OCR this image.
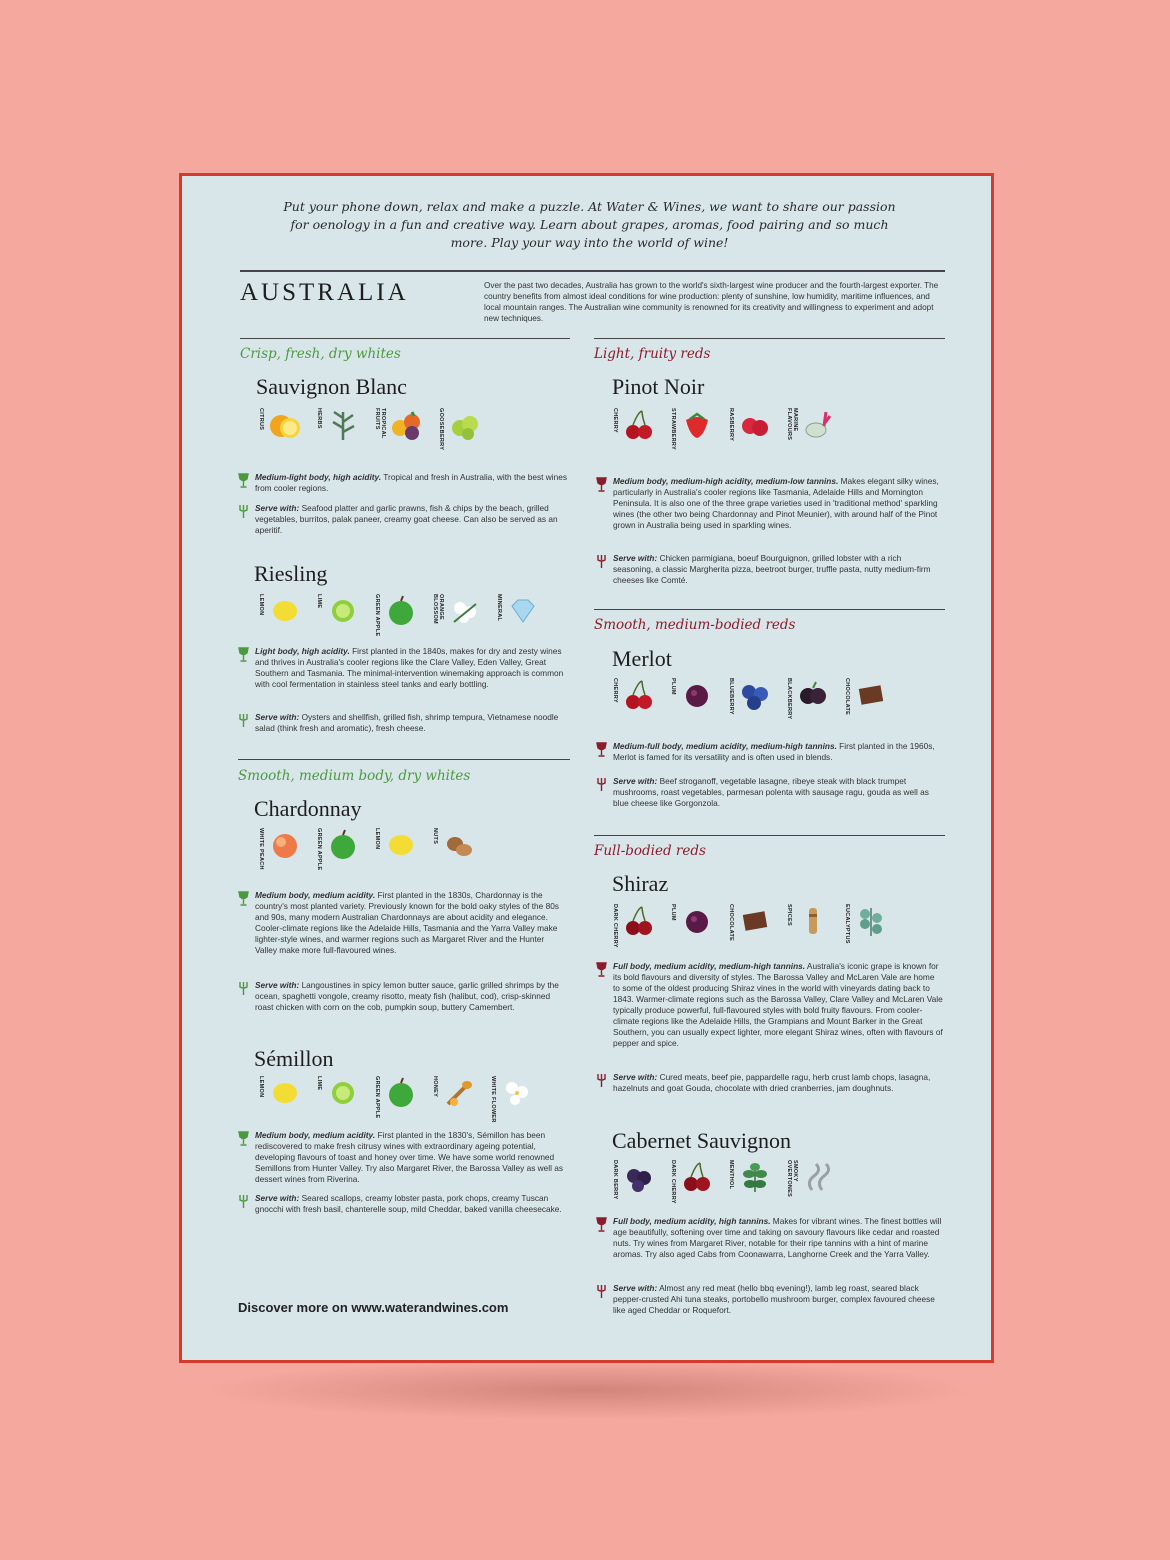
Put your phone down, relax and make a puzzle. At Water & Wines, we want to share our passion for oenology in a fun and creative way. Learn about grapes, aromas, food pairing and so much more. Play your way into the world of wine!
AUSTRALIA	Over the past two decades, Australia has grown to the world's sixth-largest wine producer and the fourth-largest exporter. The country benefits from almost ideal conditions for wine production: plenty of sunshine, low humidity, maritime influences, and local mountain ranges. The Australian wine community is renowned for its creativity and willingness to experiment and adopt new techniques.
Crisp, fresh, dry whites
Sauvignon Blanc
CITRUS	HERBS	TROPICAL FRUITS	GOOSEBERRY
Medium-light body, high acidity. Tropical and fresh in Australia, with the best wines from cooler regions.
Serve with: Seafood platter and garlic prawns, fish & chips by the beach, grilled vegetables, burritos, palak paneer, creamy goat cheese. Can also be served as an aperitif.
Riesling
LEMON	LIME	GREEN APPLE	ORANGE BLOSSOM	MINERAL
Light body, high acidity. First planted in the 1840s, makes for dry and zesty wines and thrives in Australia's cooler regions like the Clare Valley, Eden Valley, Great Southern and Tasmania. The minimal-intervention winemaking approach is common with cool fermentation in stainless steel tanks and early bottling.
Serve with: Oysters and shellfish, grilled fish, shrimp tempura, Vietnamese noodle salad (think fresh and aromatic), fresh cheese.
Smooth, medium body, dry whites
Chardonnay
WHITE PEACH	GREEN APPLE	LEMON	NUTS
Medium body, medium acidity. First planted in the 1830s, Chardonnay is the country's most planted variety. Previously known for the bold oaky styles of the 80s and 90s, many modern Australian Chardonnays are about acidity and elegance. Cooler-climate regions like the Adelaide Hills, Tasmania and the Yarra Valley make lighter-style wines, and warmer regions such as Margaret River and the Hunter Valley make more full-flavoured wines.
Serve with: Langoustines in spicy lemon butter sauce, garlic grilled shrimps by the ocean, spaghetti vongole, creamy risotto, meaty fish (halibut, cod), crisp-skinned roast chicken with corn on the cob, pumpkin soup, buttery Camembert.
Sémillon
LEMON	LIME	GREEN APPLE	HONEY	WHITE FLOWER
Medium body, medium acidity. First planted in the 1830's, Sémillon has been rediscovered to make fresh citrusy wines with extraordinary ageing potential, developing flavours of toast and honey over time. We have some world renowned Semillons from Hunter Valley. Try also Margaret River, the Barossa Valley as well as dessert wines from Riverina.
Serve with: Seared scallops, creamy lobster pasta, pork chops, creamy Tuscan gnocchi with fresh basil, chanterelle soup, mild Cheddar, baked vanilla cheesecake.
Discover more on www.waterandwines.com
Light, fruity reds
Pinot Noir
CHERRY	STRAWBERRY	RASBERRY	MARINE FLAVOURS
Medium body, medium-high acidity, medium-low tannins. Makes elegant silky wines, particularly in Australia's cooler regions like Tasmania, Adelaide Hills and Mornington Peninsula. It is also one of the three grape varieties used in 'traditional method' sparkling wines (the other two being Chardonnay and Pinot Meunier), with around half of the Pinot grown in Australia being used in sparkling wines.
Serve with: Chicken parmigiana, boeuf Bourguignon, grilled lobster with a rich seasoning, a classic Margherita pizza, beetroot burger, truffle pasta, nutty medium-firm cheeses like Comté.
Smooth, medium-bodied reds
Merlot
CHERRY	PLUM	BLUEBERRY	BLACKBERRY	CHOCOLATE
Medium-full body, medium acidity, medium-high tannins. First planted in the 1960s, Merlot is famed for its versatility and is often used in blends.
Serve with: Beef stroganoff, vegetable lasagne, ribeye steak with black trumpet mushrooms, roast vegetables, parmesan polenta with sausage ragu, gouda as well as blue cheese like Gorgonzola.
Full-bodied reds
Shiraz
DARK CHERRY	PLUM	CHOCOLATE	SPICES	EUCALYPTUS
Full body, medium acidity, medium-high tannins. Australia's iconic grape is known for its bold flavours and diversity of styles. The Barossa Valley and McLaren Vale are home to some of the oldest producing Shiraz vines in the world with vineyards dating back to 1843. Warmer-climate regions such as the Barossa Valley, Clare Valley and McLaren Vale typically produce powerful, full-flavoured styles with bold fruity flavours. From cooler-climate regions like the Adelaide Hills, the Grampians and Mount Barker in the Great Southern, you can usually expect lighter, more elegant Shiraz wines, often with flavours of pepper and spice.
Serve with: Cured meats, beef pie, pappardelle ragu, herb crust lamb chops, lasagna, hazelnuts and goat Gouda, chocolate with dried cranberries, jam doughnuts.
Cabernet Sauvignon
DARK BERRY	DARK CHERRY	MENTHOL	SMOKY OVERTONES
Full body, medium acidity, high tannins. Makes for vibrant wines. The finest bottles will age beautifully, softening over time and taking on savoury flavours like cedar and roasted nuts. Try wines from Margaret River, notable for their ripe tannins with a hint of marine aromas. Try also aged Cabs from Coonawarra, Langhorne Creek and the Yarra Valley.
Serve with: Almost any red meat (hello bbq evening!), lamb leg roast, seared black pepper-crusted Ahi tuna steaks, portobello mushroom burger, complex favoured cheese like aged Cheddar or Roquefort.
